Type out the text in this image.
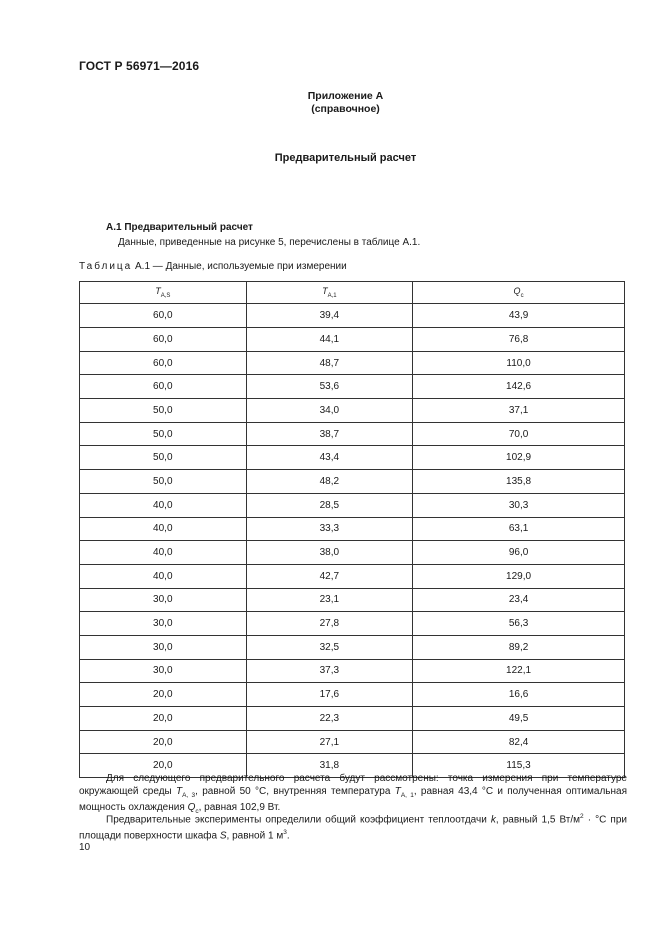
ГОСТ Р 56971—2016
Приложение А
(справочное)
Предварительный расчет
А.1 Предварительный расчет
Данные, приведенные на рисунке 5, перечислены в таблице А.1.
Таблица А.1 — Данные, используемые при измерении
$T_{A,S}$	$T_{A,1}$	$Q_c$
60,0	39,4	43,9
60,0	44,1	76,8
60,0	48,7	110,0
60,0	53,6	142,6
50,0	34,0	37,1
50,0	38,7	70,0
50,0	43,4	102,9
50,0	48,2	135,8
40,0	28,5	30,3
40,0	33,3	63,1
40,0	38,0	96,0
40,0	42,7	129,0
30,0	23,1	23,4
30,0	27,8	56,3
30,0	32,5	89,2
30,0	37,3	122,1
20,0	17,6	16,6
20,0	22,3	49,5
20,0	27,1	82,4
20,0	31,8	115,3
Для следующего предварительного расчета будут рассмотрены: точка измерения при температуре окружающей среды $T_{A, 3}$, равной 50 °С, внутренняя температура $T_{A, 1}$, равная 43,4 °С и полученная оптимальная мощность охлаждения $Q_c$, равная 102,9 Вт.
Предварительные эксперименты определили общий коэффициент теплоотдачи k, равный 1,5 $Вт/м^2 \cdot ^\circ С$ при площади поверхности шкафа S, равной 1 $м^3$.
10
